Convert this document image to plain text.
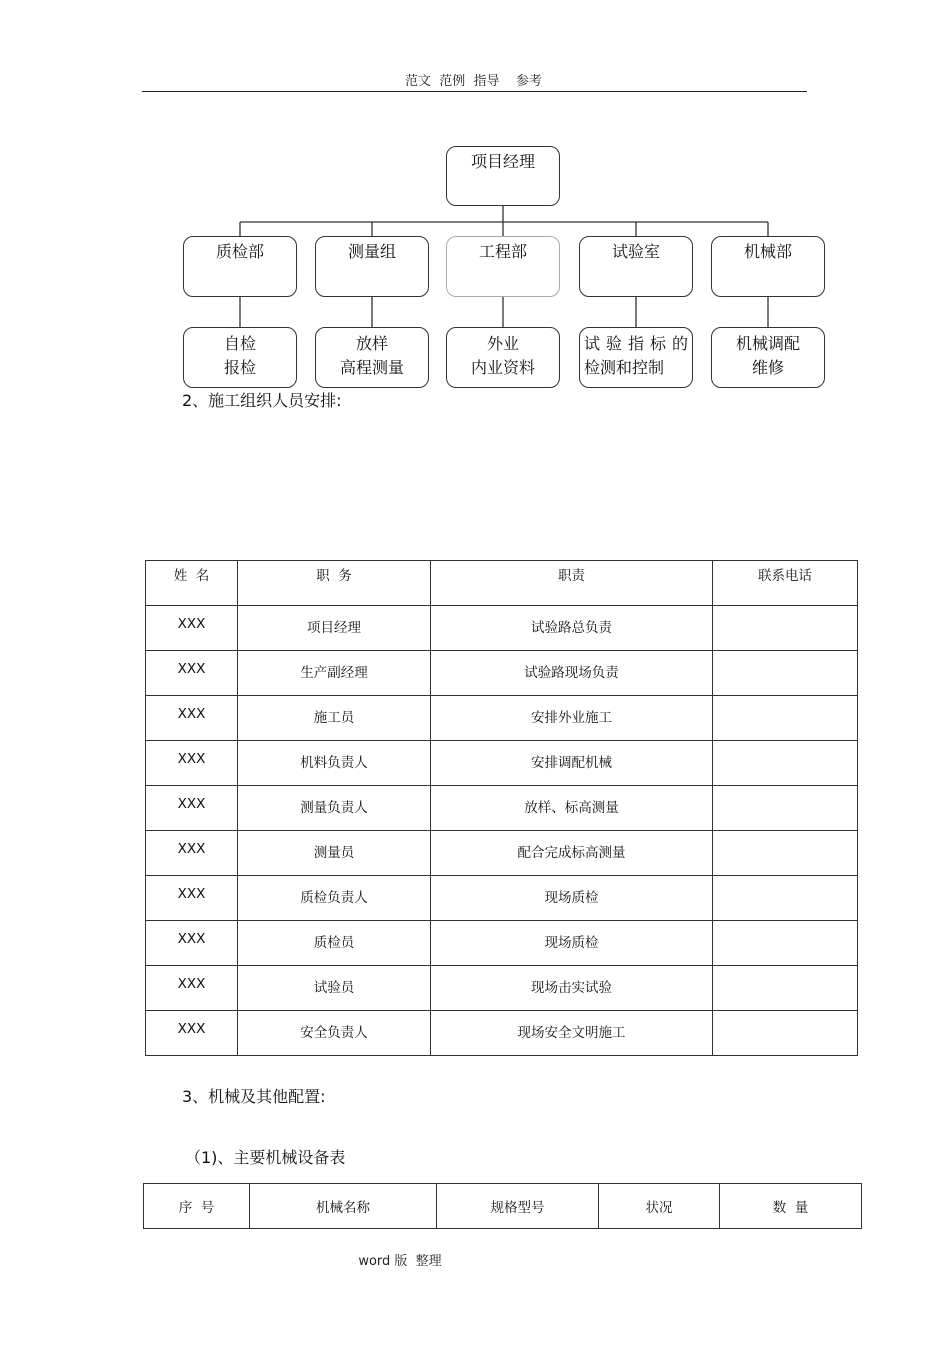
范文  范例  指导    参考
项目经理
质检部	测量组	工程部	试验室	机械部
自检
报检
放样
高程测量
外业
内业资料
试验指标的
检测和控制
机械调配
维修
2、施工组织人员安排:
姓  名	职  务	职责	联系电话
XXX	项目经理	试验路总负责	
XXX	生产副经理	试验路现场负责	
XXX	施工员	安排外业施工	
XXX	机料负责人	安排调配机械	
XXX	测量负责人	放样、标高测量	
XXX	测量员	配合完成标高测量	
XXX	质检负责人	现场质检	
XXX	质检员	现场质检	
XXX	试验员	现场击实试验	
XXX	安全负责人	现场安全文明施工	
3、机械及其他配置:
（1)、主要机械设备表
序  号	机械名称	规格型号	状况	数  量
word 版  整理
